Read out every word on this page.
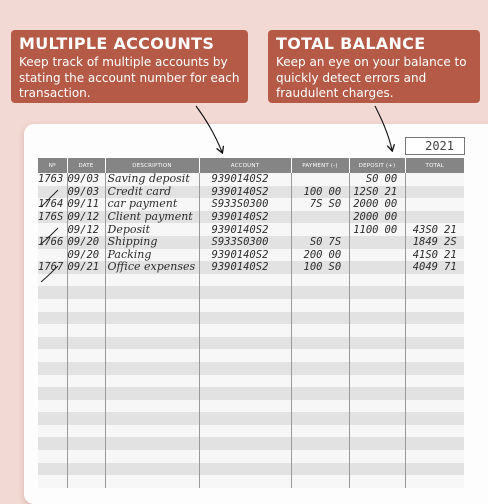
MULTIPLE ACCOUNTS
Keep track of multiple accounts by stating the account number for each transaction.
TOTAL BALANCE
Keep an eye on your balance to quickly detect errors and fraudulent charges.
2021
Nº	DATE	DESCRIPTION	ACCOUNT	PAYMENT (-)	DEPOSIT (+)	TOTAL
1763	09/03	Saving deposit	9390140S2		S0 00	

	09/03	Credit card	9390140S2	100 00	12S0 21	

1764	09/11	car payment	S933S0300	7S S0	2000 00	

176S	09/12	Client payment	9390140S2		2000 00	

	09/12	Deposit	9390140S2		1100 00	43S0 21

1766	09/20	Shipping	S933S0300	S0 7S		1849 2S

	09/20	Packing	9390140S2	200 00		41S0 21

1767	09/21	Office expenses	9390140S2	100 S0		4049 71
